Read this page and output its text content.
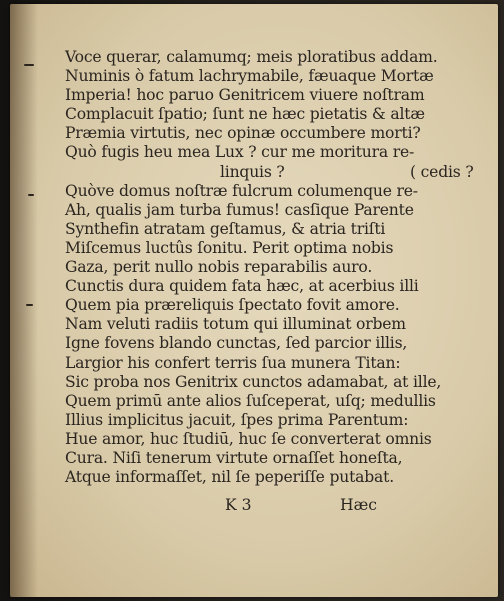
Voce querar, calamumq; meis ploratibus addam.
Numinis ò fatum lachrymabile, fæuaque Mortæ
Imperia! hoc paruo Genitricem viuere noſtram
Complacuit ſpatio; ſunt ne hæc pietatis & altæ
Præmia virtutis, nec opinæ occumbere morti?
Quò fugis heu mea Lux ? cur me moritura re-
linquis ?	( cedis ?
Quòve domus noſtræ fulcrum columenque re-
Ah, qualis jam turba fumus! casſique Parente
Synthefin atratam geſtamus, & atria triſti
Miſcemus luctûs ſonitu. Perit optima nobis
Gaza, perit nullo nobis reparabilis auro.
Cunctis dura quidem fata hæc, at acerbius illi
Quem pia præreliquis ſpectato fovit amore.
Nam veluti radiis totum qui illuminat orbem
Igne fovens blando cunctas, ſed parcior illis,
Largior his confert terris ſua munera Titan:
Sic proba nos Genitrix cunctos adamabat, at ille,
Quem primū ante alios ſuſceperat, uſq; medullis
Illius implicitus jacuit, ſpes prima Parentum:
Hue amor, huc ſtudiū, huc ſe converterat omnis
Cura. Niſi tenerum virtute ornaſſet honeſta,
Atque informaſſet, nil ſe peperiſſe putabat.
K 3	Hæc
